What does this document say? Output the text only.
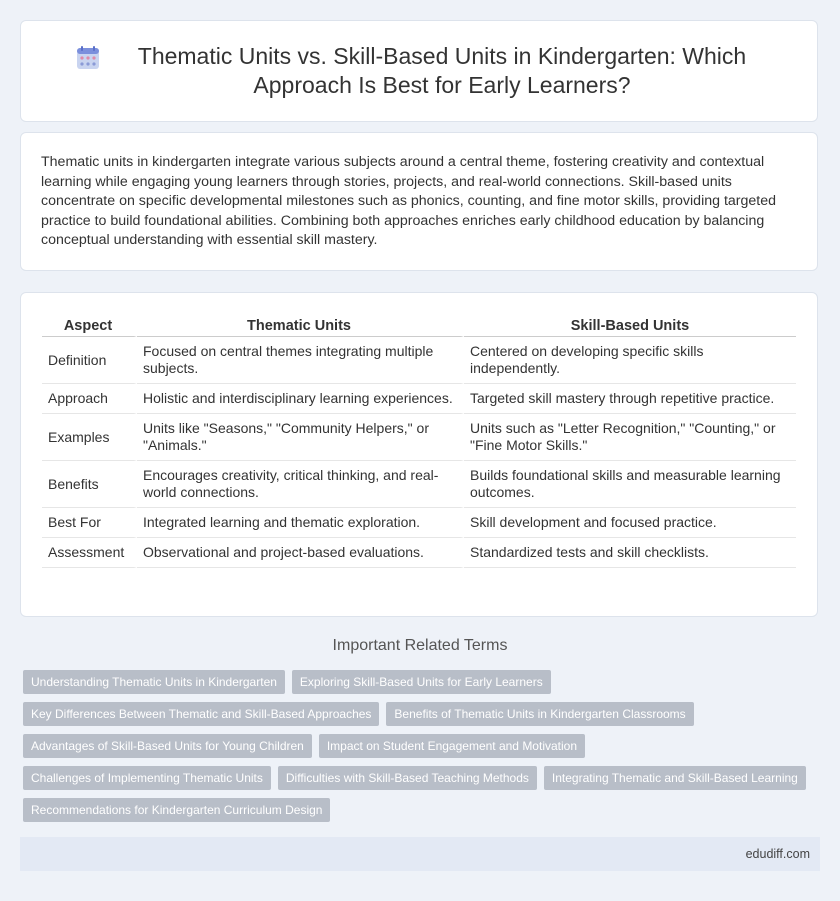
Thematic Units vs. Skill-Based Units in Kindergarten: Which Approach Is Best for Early Learners?

Thematic units in kindergarten integrate various subjects around a central theme, fostering creativity and contextual learning while engaging young learners through stories, projects, and real-world connections. Skill-based units concentrate on specific developmental milestones such as phonics, counting, and fine motor skills, providing targeted practice to build foundational abilities. Combining both approaches enriches early childhood education by balancing conceptual understanding with essential skill mastery.

Aspect	Thematic Units	Skill-Based Units
Definition	Focused on central themes integrating multiple subjects.	Centered on developing specific skills independently.
Approach	Holistic and interdisciplinary learning experiences.	Targeted skill mastery through repetitive practice.
Examples	Units like "Seasons," "Community Helpers," or "Animals."	Units such as "Letter Recognition," "Counting," or "Fine Motor Skills."
Benefits	Encourages creativity, critical thinking, and real-world connections.	Builds foundational skills and measurable learning outcomes.
Best For	Integrated learning and thematic exploration.	Skill development and focused practice.
Assessment	Observational and project-based evaluations.	Standardized tests and skill checklists.
Important Related Terms
Understanding Thematic Units in Kindergarten	Exploring Skill-Based Units for Early Learners
Key Differences Between Thematic and Skill-Based Approaches	Benefits of Thematic Units in Kindergarten Classrooms
Advantages of Skill-Based Units for Young Children	Impact on Student Engagement and Motivation
Challenges of Implementing Thematic Units	Difficulties with Skill-Based Teaching Methods	Integrating Thematic and Skill-Based Learning
Recommendations for Kindergarten Curriculum Design
edudiff.com
